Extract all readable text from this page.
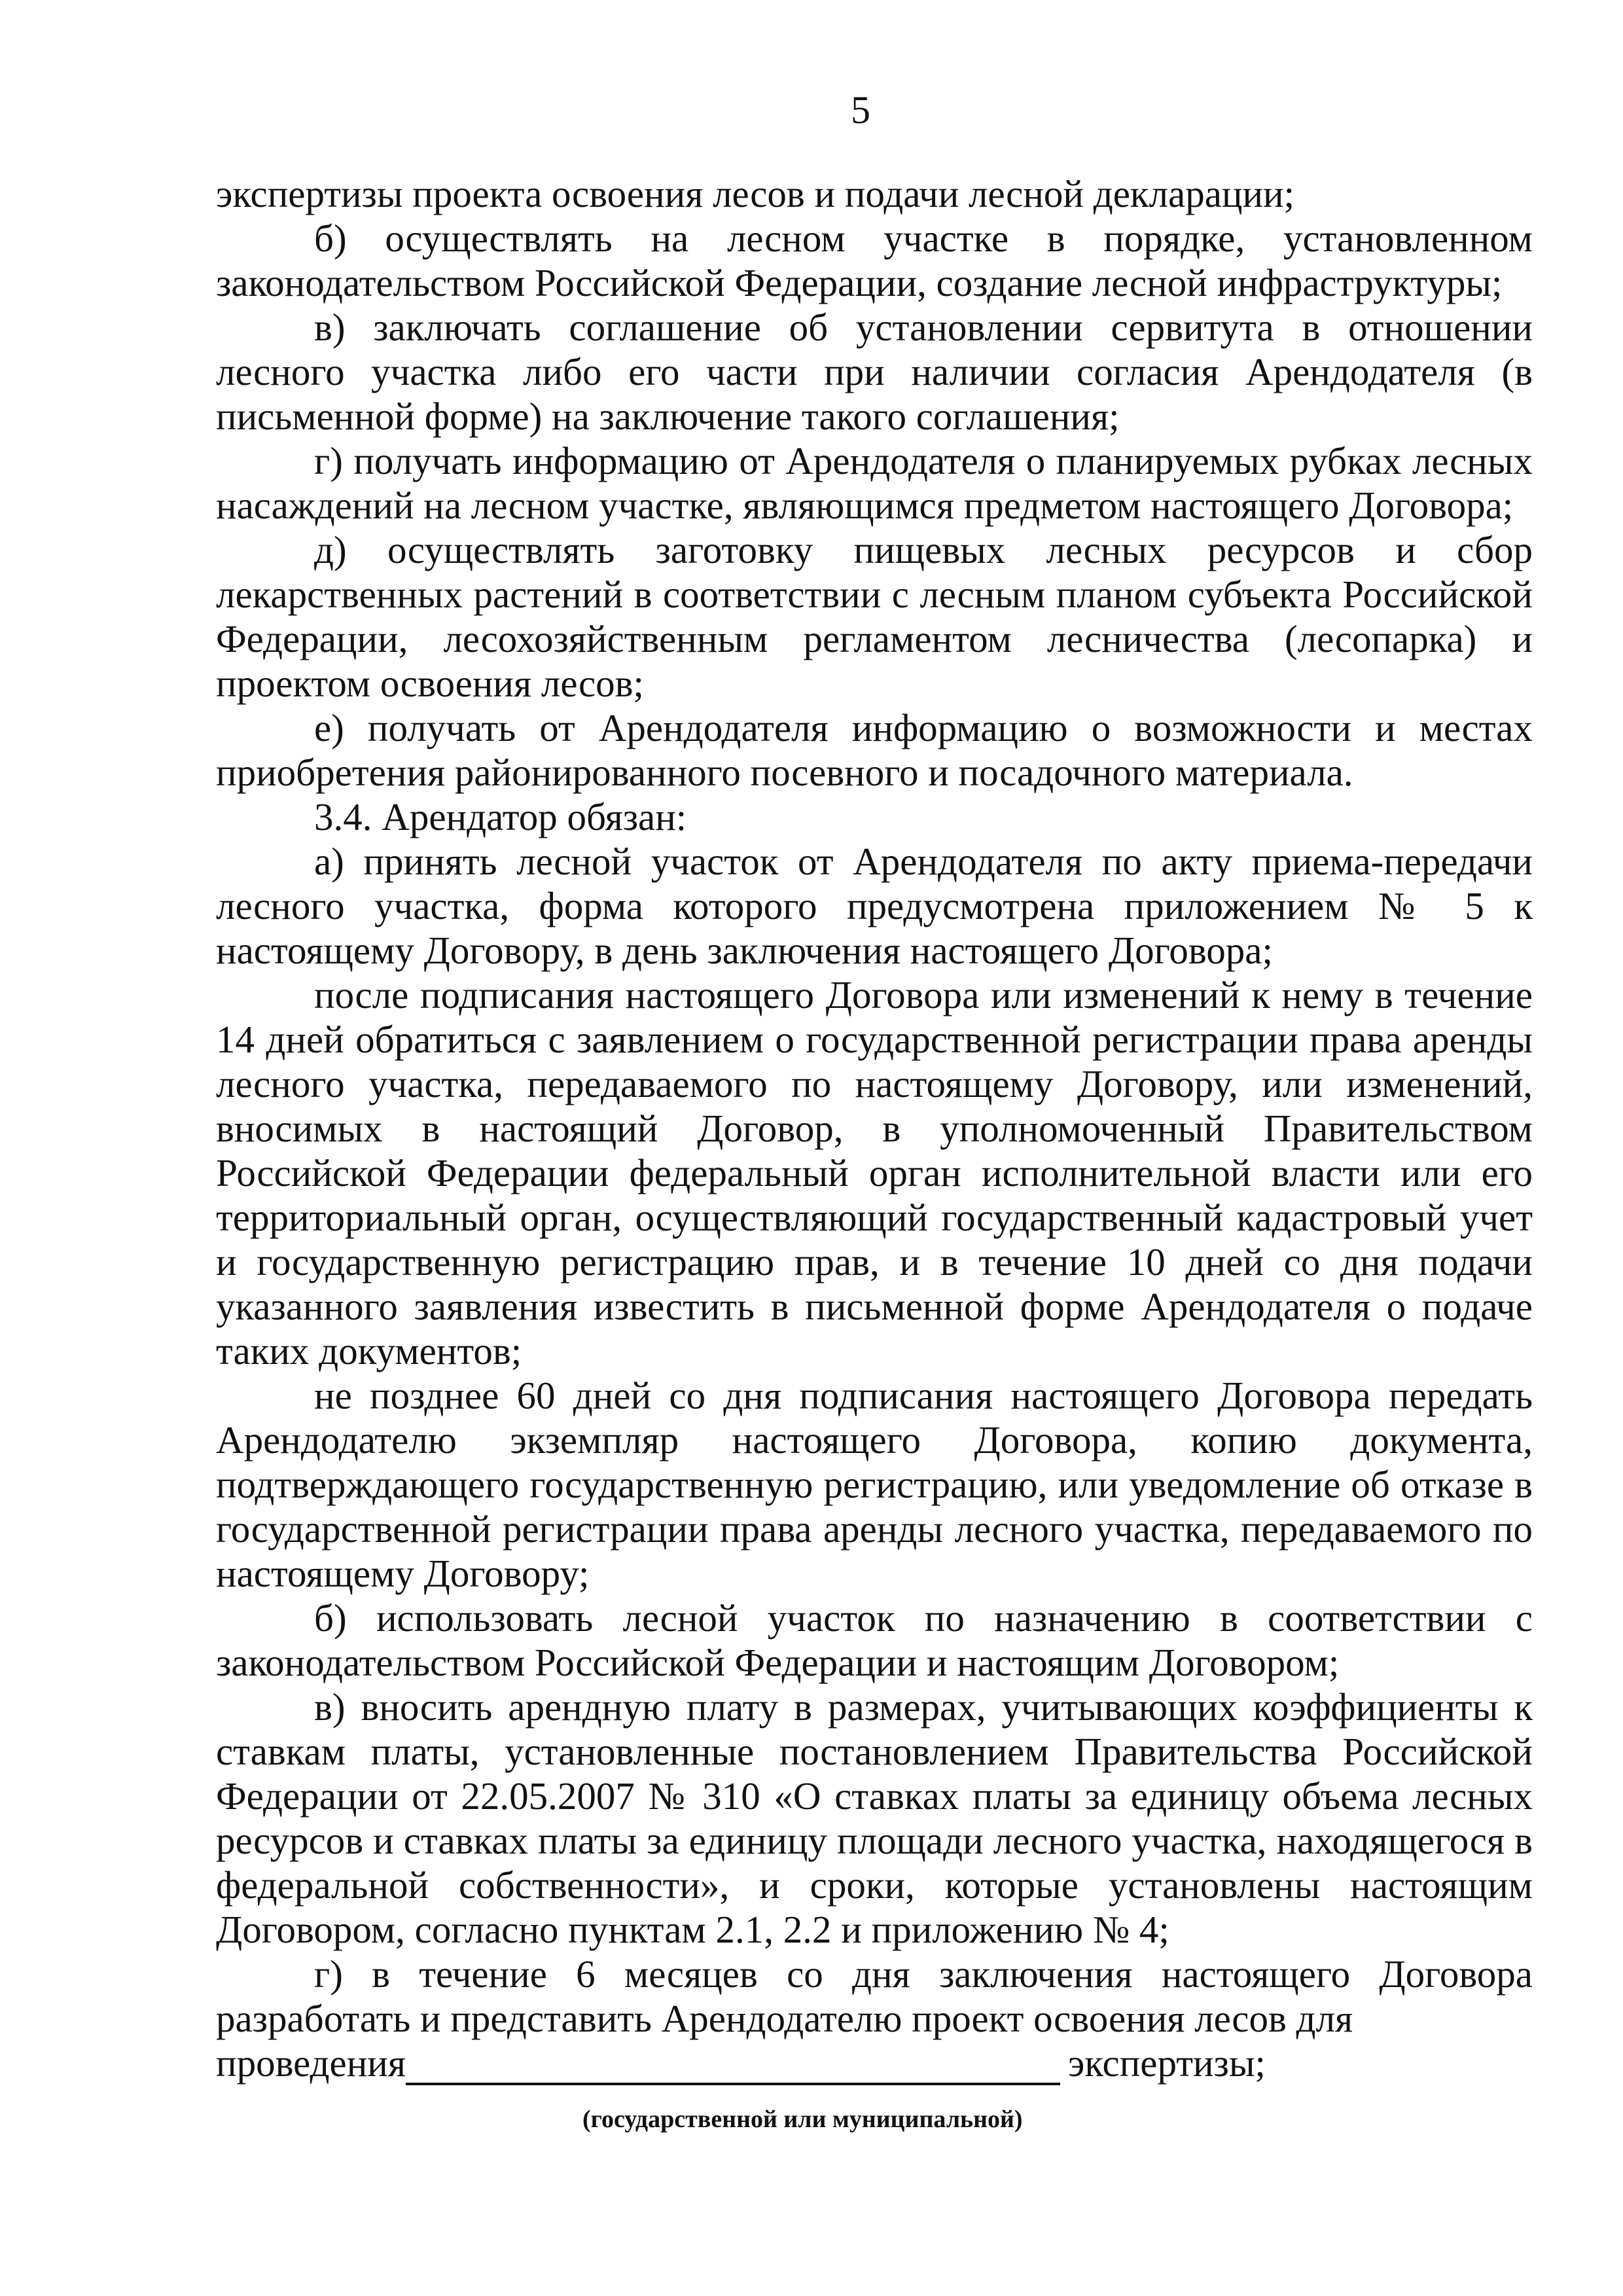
5

экспертизы проекта освоения лесов и подачи лесной декларации;

б) осуществлять на лесном участке в порядке, установленном законодательством Российской Федерации, создание лесной инфраструктуры;

в) заключать соглашение об установлении сервитута в отношении лесного участка либо его части при наличии согласия Арендодателя (в письменной форме) на заключение такого соглашения;

г) получать информацию от Арендодателя о планируемых рубках лесных насаждений на лесном участке, являющимся предметом настоящего Договора;

д) осуществлять заготовку пищевых лесных ресурсов и сбор лекарственных растений в соответствии с лесным планом субъекта Российской Федерации, лесохозяйственным регламентом лесничества (лесопарка) и проектом освоения лесов;

е) получать от Арендодателя информацию о возможности и местах приобретения районированного посевного и посадочного материала.

3.4. Арендатор обязан:

а) принять лесной участок от Арендодателя по акту приема-передачи лесного участка, форма которого предусмотрена приложением № 5 к настоящему Договору, в день заключения настоящего Договора;

после подписания настоящего Договора или изменений к нему в течение 14 дней обратиться с заявлением о государственной регистрации права аренды лесного участка, передаваемого по настоящему Договору, или изменений, вносимых в настоящий Договор, в уполномоченный Правительством Российской Федерации федеральный орган исполнительной власти или его территориальный орган, осуществляющий государственный кадастровый учет и государственную регистрацию прав, и в течение 10 дней со дня подачи указанного заявления известить в письменной форме Арендодателя о подаче таких документов;

не позднее 60 дней со дня подписания настоящего Договора передать Арендодателю экземпляр настоящего Договора, копию документа, подтверждающего государственную регистрацию, или уведомление об отказе в государственной регистрации права аренды лесного участка, передаваемого по настоящему Договору;

б) использовать лесной участок по назначению в соответствии с законодательством Российской Федерации и настоящим Договором;

в) вносить арендную плату в размерах, учитывающих коэффициенты к ставкам платы, установленные постановлением Правительства Российской Федерации от 22.05.2007 № 310 «О ставках платы за единицу объема лесных ресурсов и ставках платы за единицу площади лесного участка, находящегося в федеральной собственности», и сроки, которые установлены настоящим Договором, согласно пунктам 2.1, 2.2 и приложению № 4;

г) в течение 6 месяцев со дня заключения настоящего Договора разработать и представить Арендодателю проект освоения лесов для

проведения	экспертизы;
(государственной или муниципальной)
